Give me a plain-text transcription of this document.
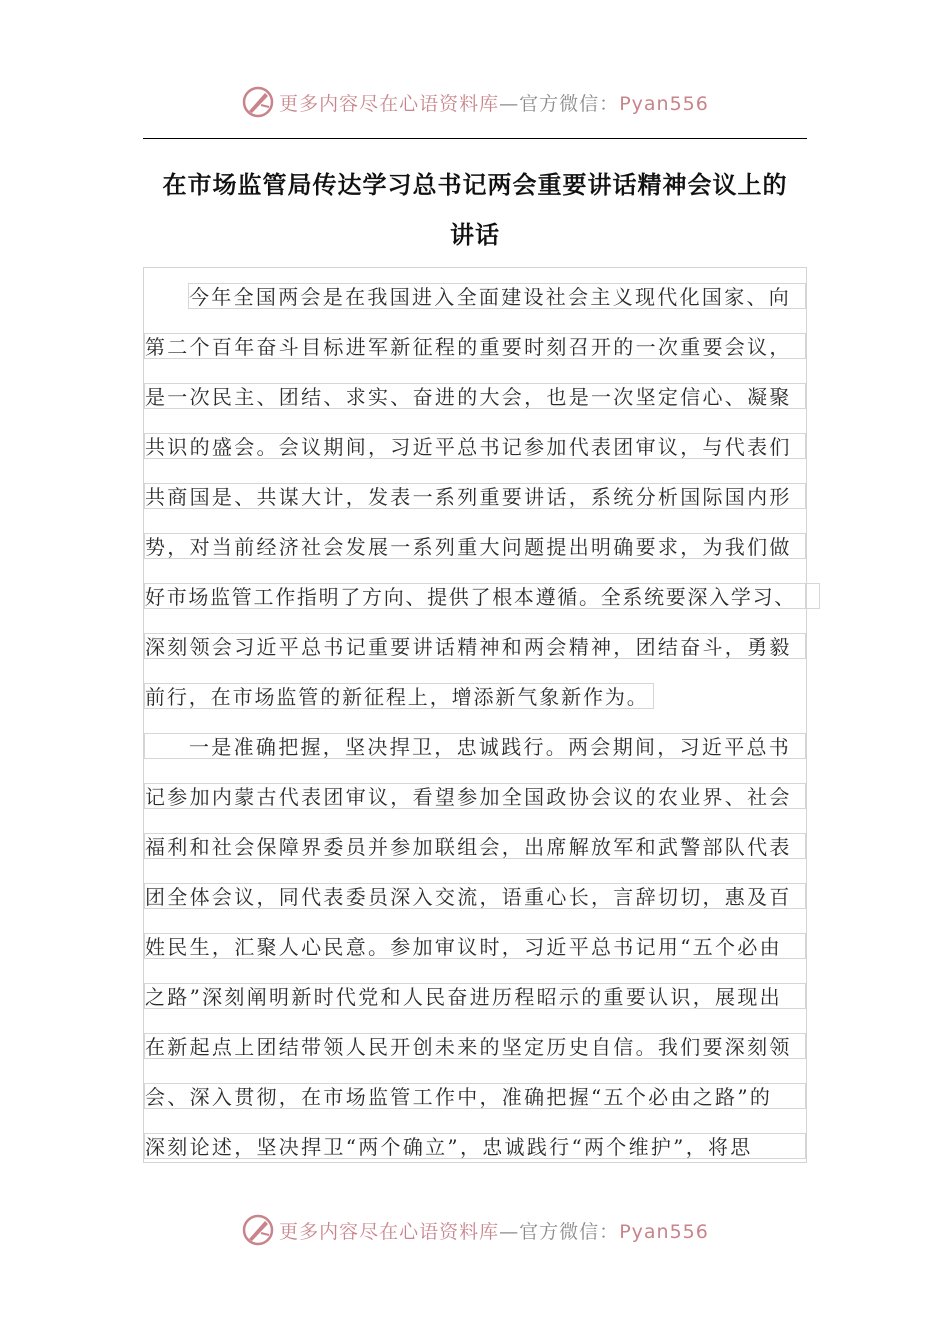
更多内容尽在心语资料库—官方微信：Pyan556
在市场监管局传达学习总书记两会重要讲话精神会议上的
讲话
今年全国两会是在我国进入全面建设社会主义现代化国家、向
第二个百年奋斗目标进军新征程的重要时刻召开的一次重要会议，
是一次民主、团结、求实、奋进的大会，也是一次坚定信心、凝聚
共识的盛会。会议期间，习近平总书记参加代表团审议，与代表们
共商国是、共谋大计，发表一系列重要讲话，系统分析国际国内形
势，对当前经济社会发展一系列重大问题提出明确要求，为我们做
好市场监管工作指明了方向、提供了根本遵循。全系统要深入学习、
深刻领会习近平总书记重要讲话精神和两会精神，团结奋斗，勇毅
前行，在市场监管的新征程上，增添新气象新作为。
一是准确把握，坚决捍卫，忠诚践行。两会期间，习近平总书
记参加内蒙古代表团审议，看望参加全国政协会议的农业界、社会
福利和社会保障界委员并参加联组会，出席解放军和武警部队代表
团全体会议，同代表委员深入交流，语重心长，言辞切切，惠及百
姓民生，汇聚人心民意。参加审议时，习近平总书记用“五个必由
之路”深刻阐明新时代党和人民奋进历程昭示的重要认识，展现出
在新起点上团结带领人民开创未来的坚定历史自信。我们要深刻领
会、深入贯彻，在市场监管工作中，准确把握“五个必由之路”的
深刻论述，坚决捍卫“两个确立”，忠诚践行“两个维护”，将思
更多内容尽在心语资料库—官方微信：Pyan556
